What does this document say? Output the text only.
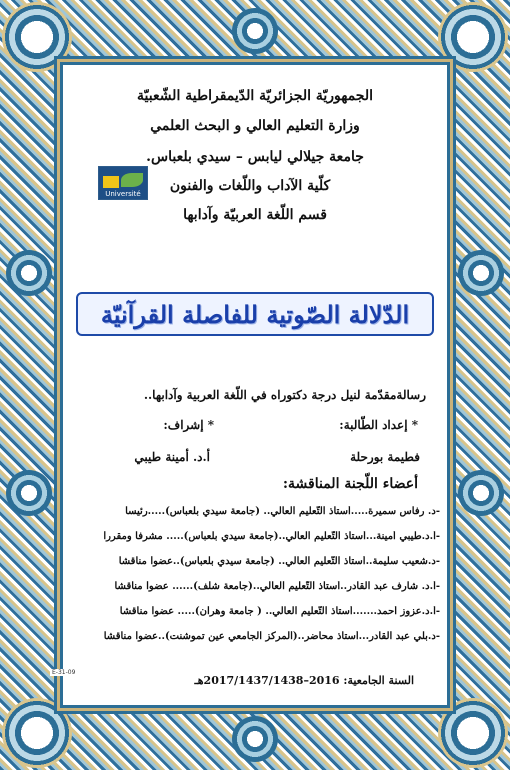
الجمهوريّة الجزائريّة الدّيمقراطية الشّعبيّة
وزارة التعليم العالي و البحث العلمي
جامعة جيلالي ليابس – سيدي بلعباس.
كلّية الآداب واللّغات والفنون
قسم اللّغة العربيّة وآدابها
Université
الدّلالة الصّوتية للفاصلة القرآنيّة
رسالةمقدّمة لنيل درجة دكتوراه في اللّغة العربية وآدابها..
* إعداد الطّالبة:
* إشراف:
فطيمة بورحلة
أ.د. أمينة طيبي
أعضاء اللّجنة المناقشة:
-د. رفاس سميرة.....أستاذ التّعليم العالي.. (جامعة سيدي بلعباس).....رئيسا
-أ.د.طيبي أمينة...أستاذ التّعليم العالي..(جامعة سيدي بلعباس)..... مشرفا ومقررا
-د.شعيب سليمة..أستاذ التّعليم العالي.. (جامعة سيدي بلعباس)..عضوا مناقشا
-أ.د. شارف عبد القادر..أستاذ التّعليم العالي..(جامعة شلف)...... عضوا مناقشا
-أ.د.عزوز أحمد.......أستاذ التّعليم العالي.. ( جامعة وهران)..... عضوا مناقشا
-د.بلي عبد القادر...أستاذ محاضر..(المركز الجامعي عين تموشنت)..عضوا مناقشا
السنة الجامعية: 2016–2017/1437/1438هـ
E-31-09
